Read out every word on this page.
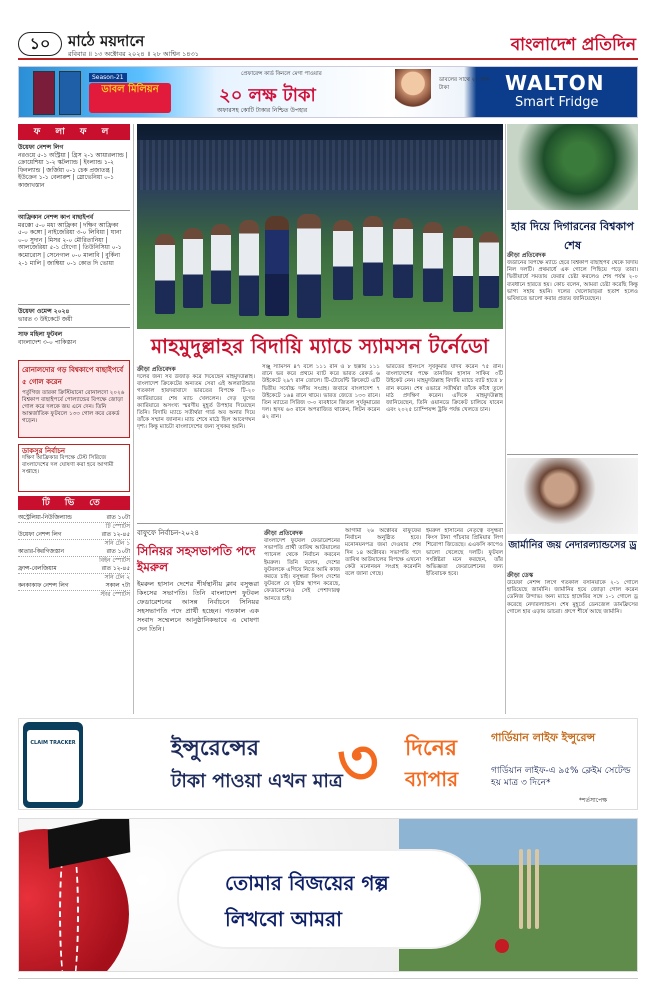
১০	মাঠে ময়দানে
রবিবার ॥ ১৩ অক্টোবর ২০২৪ ॥ ২৮ আশ্বিন ১৪৩১	বাংলাদেশ প্রতিদিন
Season-21
ডাবল মিলিয়ন
প্রেফারেন্স কার্ড কিনলে মেগা পাওয়ার
২০ লক্ষ টাকা
অফারসহ কোটি টাকার নিশ্চিত উপহার
ডাবলের সাথে ২০ লক্ষ টাকা	WALTON
Smart Fridge
ফ লা ফ ল
উয়েফা নেশন্স লিগ
নরওয়ে ৫-১ অস্ট্রিয়া | গ্রিস ২-১ আয়ারল্যান্ড | ক্রোয়েশিয়া ১-২ স্কটল্যান্ড | ইংল্যান্ড ১-২ ফিনল্যান্ড | জর্জিয়া ০-১ চেক প্রজাতন্ত্র | ইউক্রেন ১-১ বেলারুশ | স্লোভেনিয়া ০-১ কাজাখস্তান
আফ্রিকান নেশন্স কাপ বাছাইপর্ব
মরক্কো ৫-০ মধ্য আফ্রিকা | দক্ষিণ আফ্রিকা ৫-০ কঙ্গো | নাইজেরিয়া ৩-০ লিবিয়া | ঘানা ০-০ সুদান | মিসর ২-০ মৌরিতানিয়া | আলজেরিয়া ৫-১ টোগো | তিউনিসিয়া ০-১ কমোরোস | সেনেগাল ০-০ মালাবি | বুর্কিনা ২-১ মালি | জাম্বিয়া ০-১ কোত দি ভোয়া
উয়েফা ওমেন্স ২০২৪
ভারত ৩ উইকেটে জয়ী
সাফ মহিলা ফুটবল
বাংলাদেশ ৩-০ পাকিস্তান
রোনালদোর গড় বিশ্বকাপে বাছাইপর্বে ৫ গোল করেন
পর্তুগিজ তারকা ক্রিস্টিয়ানো রোনালদো ২০২৬ বিশ্বকাপ বাছাইপর্বে পোল্যান্ডের বিপক্ষে জোড়া গোল করে দলকে জয় এনে দেন। তিনি আন্তর্জাতিক ফুটবলে ১৩৩ গোল করে রেকর্ড গড়েন।
ডাকসুর নির্বাচন
দক্ষিণ আফ্রিকার বিপক্ষে টেস্ট সিরিজে বাংলাদেশের দল ঘোষণা করা হবে আগামী সপ্তাহে।
টি ভি তে
অস্ট্রেলিয়া-নিউজিল্যান্ড	রাত ১০টা
টি স্পোর্টস
উয়েফা নেশন্স লিগ	রাত ১২-৪৫
সনি টেন ১
কাতার-কিরগিজস্তান	রাত ১০টা
বিইন স্পোর্টস
ফ্রান্স-বেলজিয়াম	রাত ১২-৪৫
সনি টেন ২
কনকাকাফ নেশন্স লিগ	সকাল ৭টা
স্টার স্পোর্টস
বর্তমান জাতীয় দলের অধিনায়ক নাজমুল হোসেন শান্ত ও মাহমুদউল্লাহ রিয়াদ, সতীর্থদের অভিবাদনে সিক্ত হন মাহমুদউল্লাহ
মাহমুদুল্লাহর বিদায়ি ম্যাচে স্যামসন টর্নেডো
ক্রীড়া প্রতিবেদক
দলের জন্য সব উজাড় করে দিয়েছেন মাহমুদউল্লাহ। বাংলাদেশ ক্রিকেটের অন্যতম সেরা এই অলরাউন্ডার গতকাল হায়দরাবাদে ভারতের বিপক্ষে টি-২০ ক্যারিয়ারের শেষ ম্যাচ খেললেন। দেড় যুগের ক্যারিয়ারে অসংখ্য স্মরণীয় মুহূর্ত উপহার দিয়েছেন তিনি। বিদায়ি ম্যাচে সতীর্থরা গার্ড অব অনার দিয়ে তাঁকে সম্মান জানান। ম্যাচ শেষে মাঠে ছিল আবেগঘন দৃশ্য। কিন্তু ম্যাচটা বাংলাদেশের জন্য সুখকর হয়নি।
সঞ্জু স্যামসন ৪৭ বলে ১১১ রান ও ৮ ছক্কায় ১১১ রানে ভর করে প্রথমে ব্যাট করে ভারত রেকর্ড ৬ উইকেটে ২৯৭ রান তোলে। টি-টোয়েন্টি ক্রিকেটে এটি দ্বিতীয় সর্বোচ্চ দলীয় সংগ্রহ। জবাবে বাংলাদেশ ৭ উইকেটে ১৬৪ রানে থামে। ভারত জেতে ১৩৩ রানে। তিন ম্যাচের সিরিজ ৩-০ ব্যবধানে জিতল সূর্যকুমারের দল। হৃদয় ৬৩ রানে অপরাজিত থাকেন, লিটন করেন ৪২ রান।
ভারতের ইনিংসে সূর্যকুমার যাদব করেন ৭৫ রান। বাংলাদেশের পক্ষে তানজিম হাসান সাকিব ৩টি উইকেট নেন। মাহমুদউল্লাহ বিদায়ি ম্যাচে ব্যাট হাতে ৮ রান করেন। শেষ ওভারে সতীর্থরা তাঁকে কাঁধে তুলে মাঠ প্রদক্ষিণ করেন। এদিকে মাহমুদউল্লাহ জানিয়েছেন, তিনি ওয়ানডে ক্রিকেট চালিয়ে যাবেন এবং ২০২৫ চ্যাম্পিয়ন্স ট্রফি পর্যন্ত খেলতে চান।
বাফুফে নির্বাচন-২০২৪
সিনিয়র সহসভাপতি পদে ইমরুল
ইমরুল হাসান দেশের শীর্ষস্থানীয় ক্লাব বসুন্ধরা কিংসের সভাপতি। তিনি বাংলাদেশ ফুটবল ফেডারেশনের আসন্ন নির্বাচনে সিনিয়র সহসভাপতি পদে প্রার্থী হচ্ছেন। গতকাল এক সংবাদ সম্মেলনে আনুষ্ঠানিকভাবে এ ঘোষণা দেন তিনি।
ক্রীড়া প্রতিবেদক
বাংলাদেশ ফুটবল ফেডারেশনের সভাপতি প্রার্থী তাবিথ আউয়ালের প্যানেল থেকে নির্বাচন করবেন ইমরুল। তিনি বলেন, দেশের ফুটবলকে এগিয়ে নিতে আমি কাজ করতে চাই। বসুন্ধরা কিংস দেশের ফুটবলে যে দৃষ্টান্ত স্থাপন করেছে, ফেডারেশনেও সেই পেশাদারত্ব আনতে চাই।
আগামী ২৬ অক্টোবর বাফুফের নির্বাচন অনুষ্ঠিত হবে। মনোনয়নপত্র জমা দেওয়ার শেষ দিন ১৪ অক্টোবর। সভাপতি পদে তাবিথ আউয়ালের বিপক্ষে এখনো কেউ মনোনয়ন সংগ্রহ করেননি বলে জানা গেছে।
ইমরুল হাসানের নেতৃত্বে বসুন্ধরা কিংস টানা পাঁচবার প্রিমিয়ার লিগ শিরোপা জিতেছে। এএফসি কাপেও ভালো খেলেছে দলটি। ফুটবল সংশ্লিষ্টরা মনে করছেন, তাঁর অভিজ্ঞতা ফেডারেশনের জন্য ইতিবাচক হবে।
হার দিয়ে দিগারনের বিশ্বকাপ শেষ
ক্রীড়া প্রতিবেদক
জর্ডানের বিপক্ষে ম্যাচে হেরে বিশ্বকাপ বাছাইপর্ব থেকে বিদায় নিল দলটি। প্রথমার্ধে এক গোলে পিছিয়ে পড়ে তারা। দ্বিতীয়ার্ধে সমতায় ফেরার চেষ্টা করলেও শেষ পর্যন্ত ২-০ ব্যবধানে হারতে হয়। কোচ বলেন, আমরা চেষ্টা করেছি কিন্তু ভাগ্য সহায় হয়নি। দলের খেলোয়াড়রা হতাশ হলেও ভবিষ্যতে ভালো করার প্রত্যয় জানিয়েছেন।
জার্মানির জয় নেদারল্যান্ডসের ড্র
ক্রীড়া ডেস্ক
উয়েফা নেশন্স লিগে গতকাল বসনিয়াকে ২-১ গোলে হারিয়েছে জার্মানি। জার্মানির হয়ে জোড়া গোল করেন ডেনিজ উন্দাভ। অন্য ম্যাচে হাঙ্গেরির সঙ্গে ১-১ গোলে ড্র করেছে নেদারল্যান্ডস। শেষ মুহূর্তে ডেনজেল ডামফ্রিসের গোলে হার এড়ায় ডাচরা। গ্রুপে শীর্ষে আছে জার্মানি।
CLAIM TRACKER	ইন্সুরেন্সের
টাকা পাওয়া এখন মাত্র
৩ দিনের
ব্যাপার
গার্ডিয়ান লাইফ ইন্সুরেন্স
গার্ডিয়ান লাইফ-এ ৯৫% ক্লেইম সেটেল্ড হয় মাত্র ৩ দিনে*
*শর্তসাপেক্ষ
তোমার বিজয়ের গল্প
লিখবো আমরা
